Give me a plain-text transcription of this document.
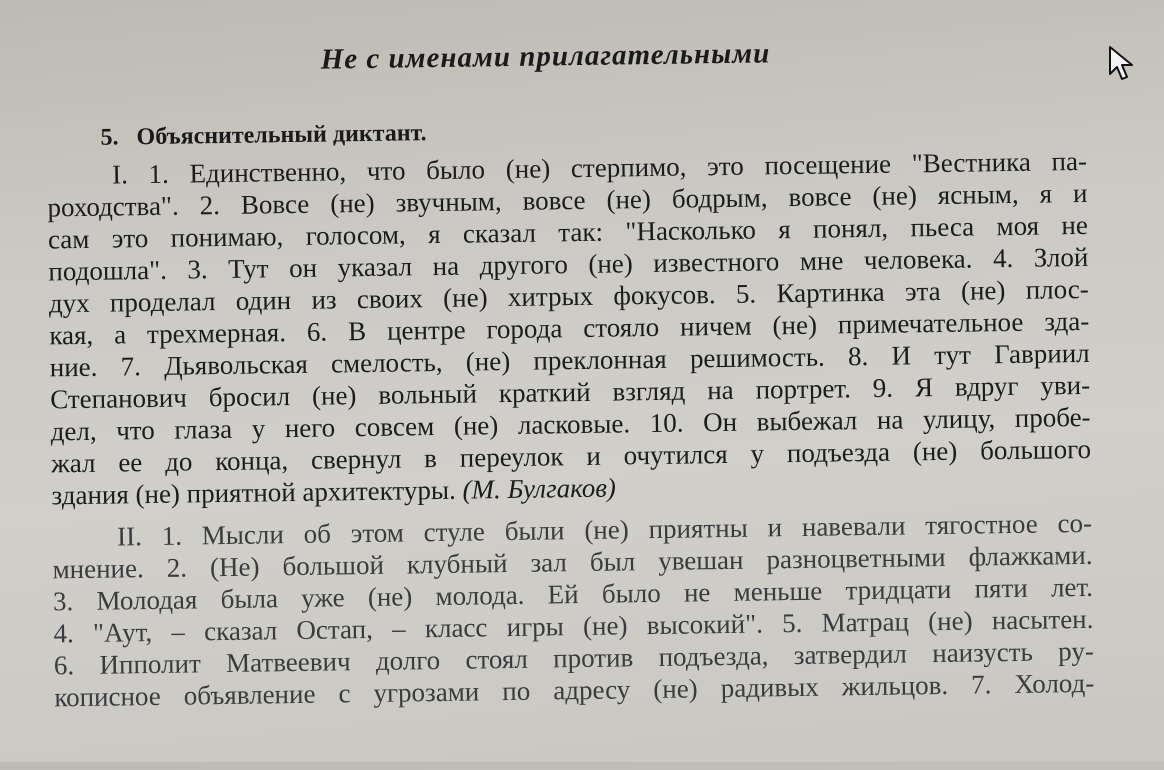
Не с именами прилагательными
5. Объяснительный диктант.
I. 1. Единственно, что было (не) стерпимо, это посещение "Вестника па-
роходства". 2. Вовсе (не) звучным, вовсе (не) бодрым, вовсе (не) ясным, я и
сам это понимаю, голосом, я сказал так: "Насколько я понял, пьеса моя не
подошла". 3. Тут он указал на другого (не) известного мне человека. 4. Злой
дух проделал один из своих (не) хитрых фокусов. 5. Картинка эта (не) плос-
кая, а трехмерная. 6. В центре города стояло ничем (не) примечательное зда-
ние. 7. Дьявольская смелость, (не) преклонная решимость. 8. И тут Гавриил
Степанович бросил (не) вольный краткий взгляд на портрет. 9. Я вдруг уви-
дел, что глаза у него совсем (не) ласковые. 10. Он выбежал на улицу, пробе-
жал ее до конца, свернул в переулок и очутился у подъезда (не) большого
здания (не) приятной архитектуры. (М. Булгаков)
II. 1. Мысли об этом стуле были (не) приятны и навевали тягостное со-
мнение. 2. (Не) большой клубный зал был увешан разноцветными флажками.
3. Молодая была уже (не) молода. Ей было не меньше тридцати пяти лет.
4. "Аут, – сказал Остап, – класс игры (не) высокий". 5. Матрац (не) насытен.
6. Ипполит Матвеевич долго стоял против подъезда, затвердил наизусть ру-
кописное объявление с угрозами по адресу (не) радивых жильцов. 7. Холод-
